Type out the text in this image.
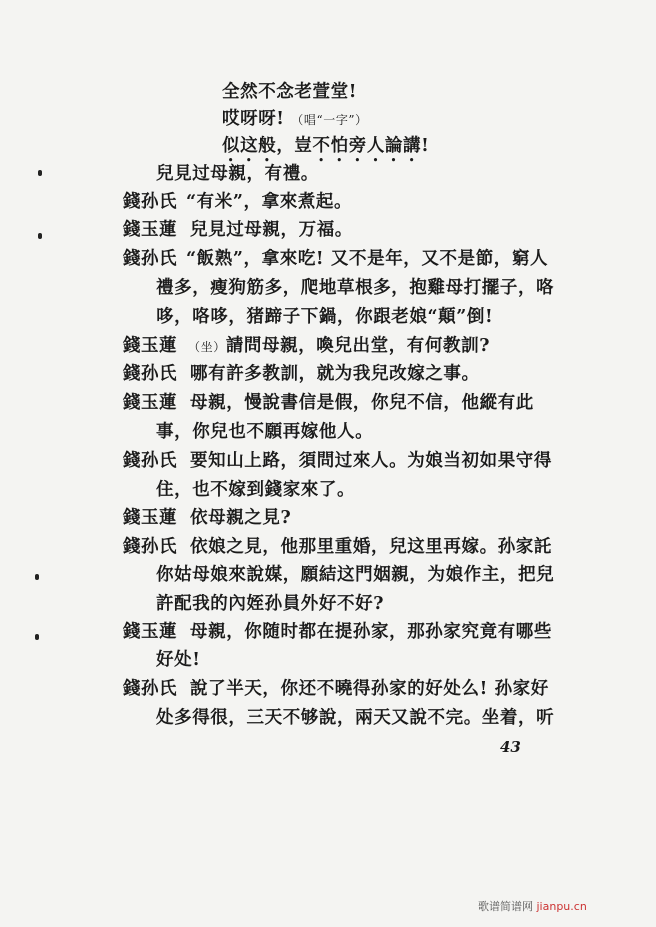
全然不念老萱堂!
哎呀呀! （唱“一字”）
似这般，豈不怕旁人論講!
兒見过母親，有禮。
錢孙氏 “有米”，拿來煮起。
錢玉蓮 兒見过母親，万福。
錢孙氏 “飯熟”，拿來吃! 又不是年，又不是節，窮人
禮多，瘦狗筋多，爬地草根多，抱雞母打擺子，咯
哆，咯哆，猪蹄子下鍋，你跟老娘“顛”倒!
錢玉蓮 （坐）請問母親，喚兒出堂，有何教訓?
錢孙氏 哪有許多教訓，就为我兒改嫁之事。
錢玉蓮 母親，慢說書信是假，你兒不信，他縱有此
事，你兒也不願再嫁他人。
錢孙氏 要知山上路，須問过來人。为娘当初如果守得
住，也不嫁到錢家來了。
錢玉蓮 依母親之見?
錢孙氏 依娘之見，他那里重婚，兒这里再嫁。孙家託
你姑母娘來說媒，願結这門姻親，为娘作主，把兒
許配我的內姪孙員外好不好?
錢玉蓮 母親，你随时都在提孙家，那孙家究竟有哪些
好处!
錢孙氏 說了半天，你还不曉得孙家的好处么! 孙家好
处多得很，三天不够說，兩天又說不完。坐着，听
43
歌谱简谱网 jianpu.cn
